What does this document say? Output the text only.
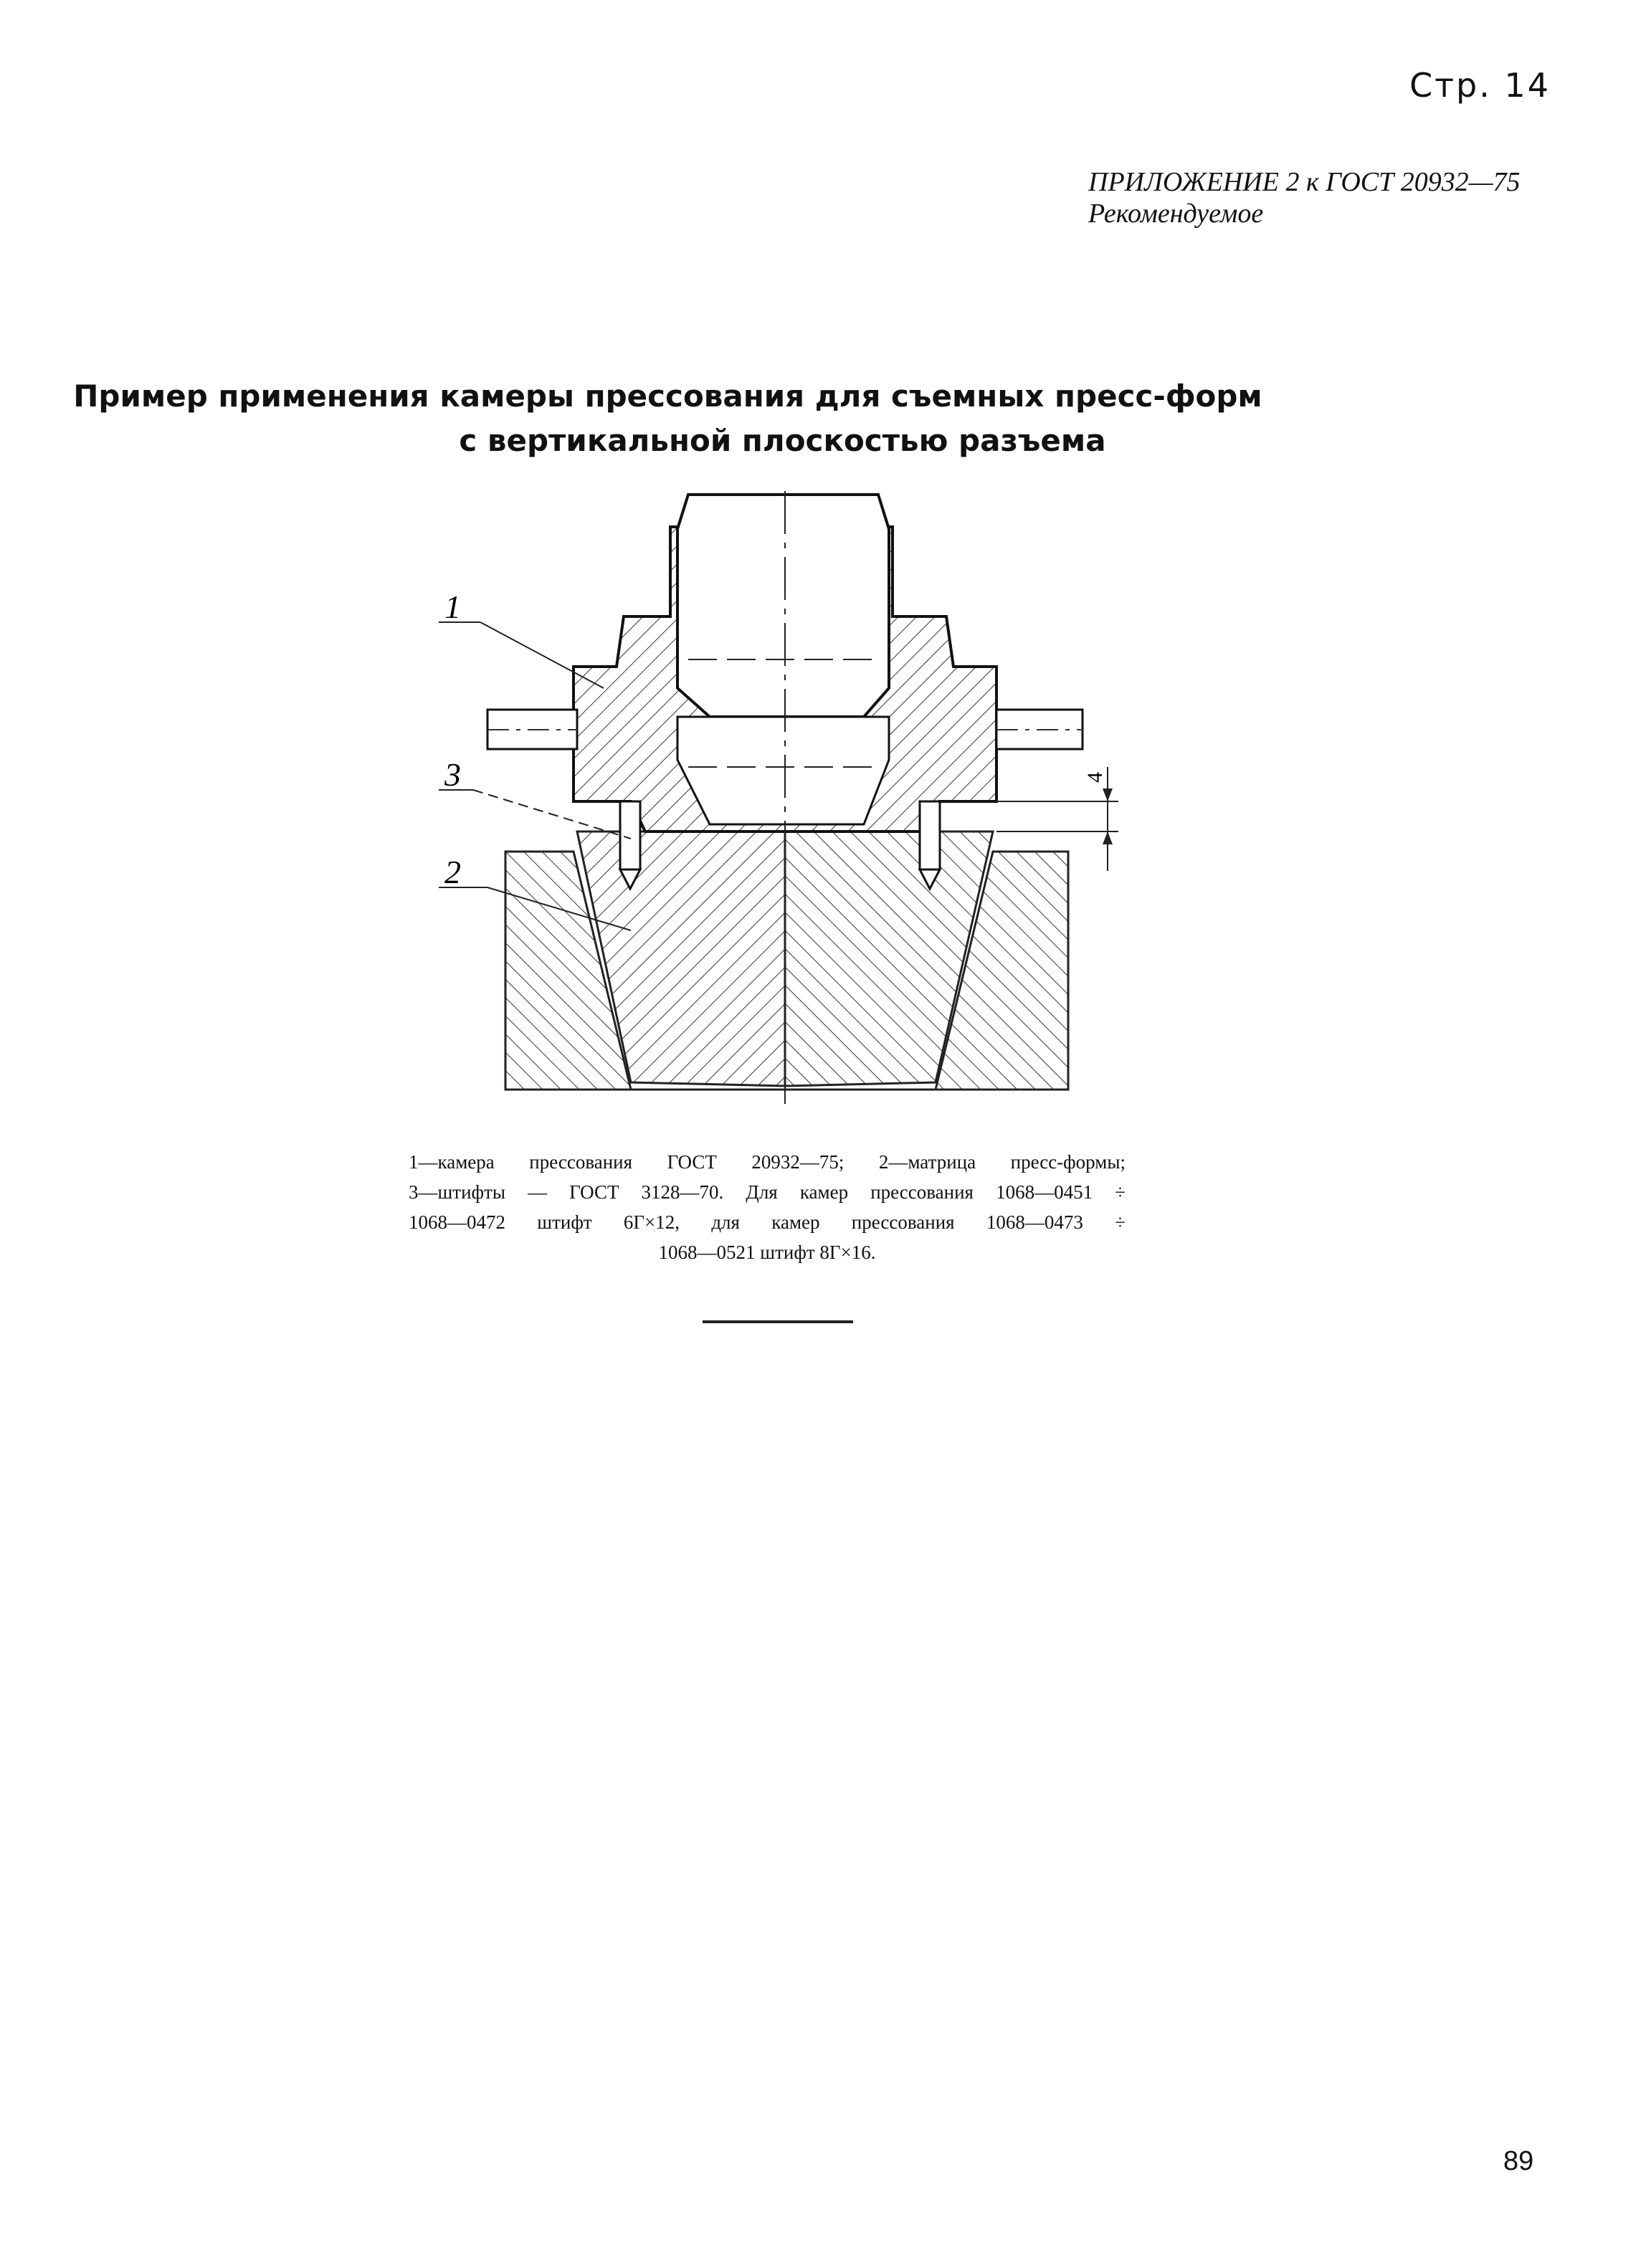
Стр. 14
ПРИЛОЖЕНИЕ 2 к ГОСТ 20932—75
Рекомендуемое
Пример применения камеры прессования для съемных пресс-форм
с вертикальной плоскостью разъема
4
1
2
3
1—камера прессования ГОСТ 20932—75; 2—матрица пресс-формы;
3—штифты — ГОСТ 3128—70. Для камер прессования 1068—0451 ÷
1068—0472 штифт 6Г×12, для камер прессования 1068—0473 ÷
1068—0521 штифт 8Г×16.
89
